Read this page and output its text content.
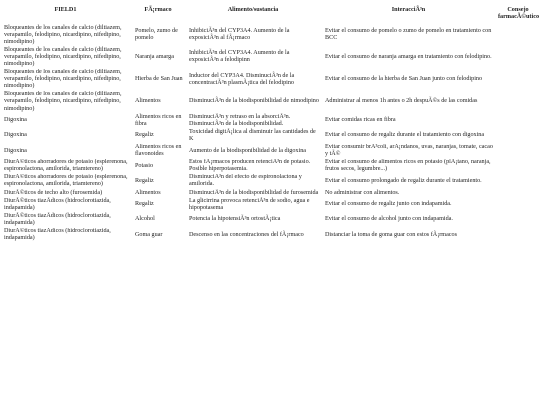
FIELD1	FÃ¡rmaco	Alimento/sustancia	InteracciÃ³n	Consejo farmacÃ©utico
Bloqueantes de los canales de calcio (diltiazem, verapamilo, felodipino, nicardipino, nifedipino, nimodipino)	Pomelo, zumo de pomelo	InhibiciÃ³n del CYP3A4. Aumento de la exposiciÃ³n al fÃ¡rmaco	Evitar el consumo de pomelo o zumo de pomelo en tratamiento con BCC	
Bloqueantes de los canales de calcio (diltiazem, verapamilo, felodipino, nicardipino, nifedipino, nimodipino)	Naranja amarga	InhibiciÃ³n del CYP3A4. Aumento de la exposiciÃ³n a felodipinn	Evitar el consumo de naranja amarga en tratamiento con felodipino.	
Bloqueantes de los canales de calcio (diltiazem, verapamilo, felodipino, nicardipino, nifedipino, nimodipino)	Hierba de San Juan	Inductor del CYP3A4. DisminuciÃ³n de la concentraciÃ³n plasmÃ¡tica del felodipino	Evitar el consumo de la hierba de San Juan junto con felodipino	
Bloqueantes de los canales de calcio (diltiazem, verapamilo, felodipino, nicardipino, nifedipino, nimodipino)	Alimentos	DisminuciÃ³n de la biodisponibilidad de nimodipino	Administrar al menos 1h antes o 2h despuÃ©s de las comidas	
Digoxina	Alimentos ricos en fibra	DisminuciÃ³n y retraso en la absorciÃ³n. DisminuciÃ³n de la biodisponibilidad.	Evitar comidas ricas en fibra	
Digoxina	Regaliz	Toxicidad digitÃ¡lica al disminuir las cantidades de K	Evitar el consumo de regaliz durante el tratamiento con digoxina	
Digoxina	Alimentos ricos en flavonoides	Aumento de la biodisponibilidad de la digoxina	Evitar consumir brÃ³coli, arÃ¡ndanos, uvas, naranjas, tomate, cacao y tÃ©	
DiurÃ©ticos ahorradores de potasio (esplerenona, espironolactona, amilorida, triamtereno)	Potasio	Estos fÃ¡rmacos producen retenciÃ³n de potasio. Posible hiperpotasemia.	Evitar el consumo de alimentos ricos en potasio (plÃ¡tano, naranja, frutos secos, legumbre...)	
DiurÃ©ticos ahorradores de potasio (esplerenona, espironolactona, amilorida, triamtereno)	Regaliz	DisminuciÃ³n del efecto de espironolactona y amilorida.	Evitar el consumo prolongado de regaliz durante el tratamiento.	
DiurÃ©ticos de techo alto (furosemida)	Alimentos	DisminuciÃ³n de la biodisponibilidad de furosemida	No administrar con alimentos.	
DiurÃ©ticos tiazÃdicos (hidroclorotiazida, indapamida)	Regaliz	La glicirrina provoca retenciÃ³n de sodio, agua e hipopotasema	Evitar el consumo de regaliz junto con indapamida.	
DiurÃ©ticos tiazÃdicos (hidroclorotiazida, indapamida)	Alcohol	Potencia la hipotensiÃ³n ortostÃ¡tica	Evitar el consumo de alcohol junto con indapamida.	
DiurÃ©ticos tiazÃdicos (hidroclorotiazida, indapamida)	Goma guar	Descenso en las concentraciones del fÃ¡rmaco	Distanciar la toma de goma guar con estos fÃ¡rmacos	
